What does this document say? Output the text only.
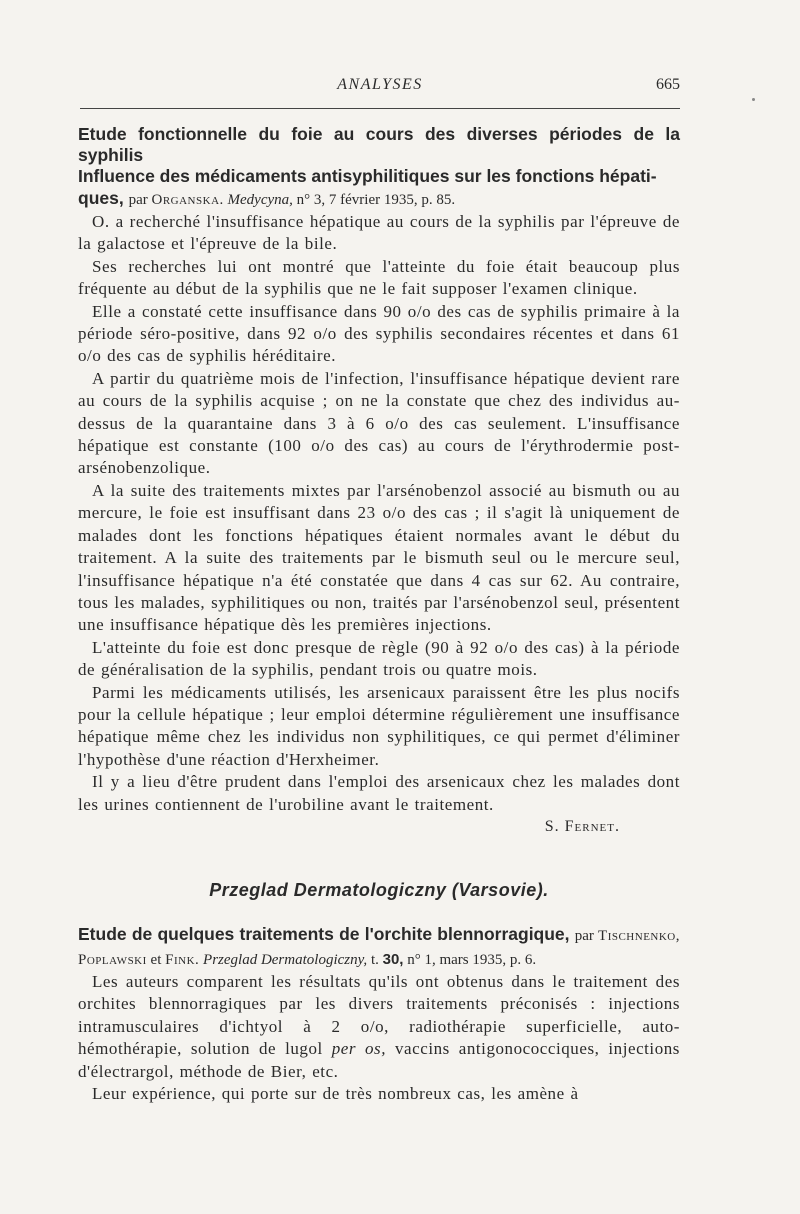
ANALYSES	665
Etude fonctionnelle du foie au cours des diverses périodes de la syphilis
Influence des médicaments antisyphilitiques sur les fonctions hépati-
ques, par Organska. Medycyna, n° 3, 7 février 1935, p. 85.

O. a recherché l'insuffisance hépatique au cours de la syphilis par l'épreuve de la galactose et l'épreuve de la bile.

Ses recherches lui ont montré que l'atteinte du foie était beaucoup plus fréquente au début de la syphilis que ne le fait supposer l'examen clinique.

Elle a constaté cette insuffisance dans 90 o/o des cas de syphilis primaire à la période séro-positive, dans 92 o/o des syphilis secondaires récentes et dans 61 o/o des cas de syphilis héréditaire.

A partir du quatrième mois de l'infection, l'insuffisance hépatique devient rare au cours de la syphilis acquise ; on ne la constate que chez des individus au-dessus de la quarantaine dans 3 à 6 o/o des cas seulement. L'insuffisance hépatique est constante (100 o/o des cas) au cours de l'érythrodermie post-arsénobenzolique.

A la suite des traitements mixtes par l'arsénobenzol associé au bismuth ou au mercure, le foie est insuffisant dans 23 o/o des cas ; il s'agit là uniquement de malades dont les fonctions hépatiques étaient normales avant le début du traitement. A la suite des traitements par le bismuth seul ou le mercure seul, l'insuffisance hépatique n'a été constatée que dans 4 cas sur 62. Au contraire, tous les malades, syphilitiques ou non, traités par l'arsénobenzol seul, présentent une insuffisance hépatique dès les premières injections.

L'atteinte du foie est donc presque de règle (90 à 92 o/o des cas) à la période de généralisation de la syphilis, pendant trois ou quatre mois.

Parmi les médicaments utilisés, les arsenicaux paraissent être les plus nocifs pour la cellule hépatique ; leur emploi détermine régulièrement une insuffisance hépatique même chez les individus non syphilitiques, ce qui permet d'éliminer l'hypothèse d'une réaction d'Herxheimer.

Il y a lieu d'être prudent dans l'emploi des arsenicaux chez les malades dont les urines contiennent de l'urobiline avant le traitement.

S. Fernet.
Przeglad Dermatologiczny (Varsovie).
Etude de quelques traitements de l'orchite blennorragique, par Tischnenko, Poplawski et Fink. Przeglad Dermatologiczny, t. 30, n° 1, mars 1935, p. 6.

Les auteurs comparent les résultats qu'ils ont obtenus dans le traitement des orchites blennorragiques par les divers traitements préconisés : injections intramusculaires d'ichtyol à 2 o/o, radiothérapie superficielle, auto-hémothérapie, solution de lugol per os, vaccins antigonococciques, injections d'électrargol, méthode de Bier, etc.

Leur expérience, qui porte sur de très nombreux cas, les amène à
